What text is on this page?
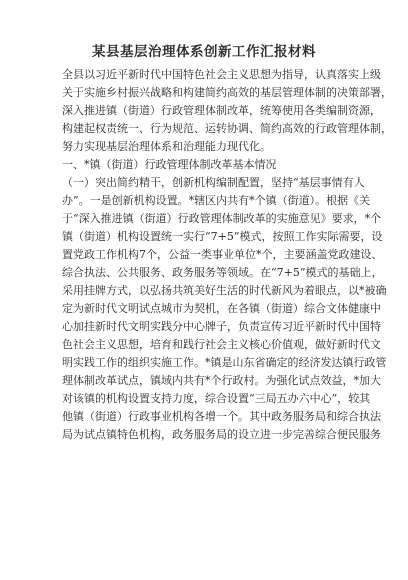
某县基层治理体系创新工作汇报材料

全县以习近平新时代中国特色社会主义思想为指导，认真落实上级

关于实施乡村振兴战略和构建简约高效的基层管理体制的决策部署，

深入推进镇（街道）行政管理体制改革，统筹使用各类编制资源，

构建起权责统一、行为规范、运转协调、简约高效的行政管理体制，

努力实现基层治理体系和治理能力现代化。

一、*镇（街道）行政管理体制改革基本情况

（一）突出简约精干，创新机构编制配置，坚持“基层事情有人

办”。一是创新机构设置。*辖区内共有*个镇（街道）。根据《关

于“深入推进镇（街道）行政管理体制改革的实施意见》要求，*个

镇（街道）机构设置统一实行“7+5”模式，按照工作实际需要，设

置党政工作机构7个，公益一类事业单位*个，主要涵盖党政建设、

综合执法、公共服务、政务服务等领域。在“7+5”模式的基础上，

采用挂牌方式，以弘扬共筑美好生活的时代新风为着眼点，以*被确

定为新时代文明试点城市为契机，在各镇（街道）综合文体健康中

心加挂新时代文明实践分中心牌子，负责宣传习近平新时代中国特

色社会主义思想，培育和践行社会主义核心价值观，做好新时代文

明实践工作的组织实施工作。*镇是山东省确定的经济发达镇行政管

理体制改革试点，镇域内共有*个行政村。为强化试点效益，*加大

对该镇的机构设置支持力度，综合设置“三局五办六中心”，较其

他镇（街道）行政事业机构各增一个。其中政务服务局和综合执法

局为试点镇特色机构，政务服务局的设立进一步完善综合便民服务
